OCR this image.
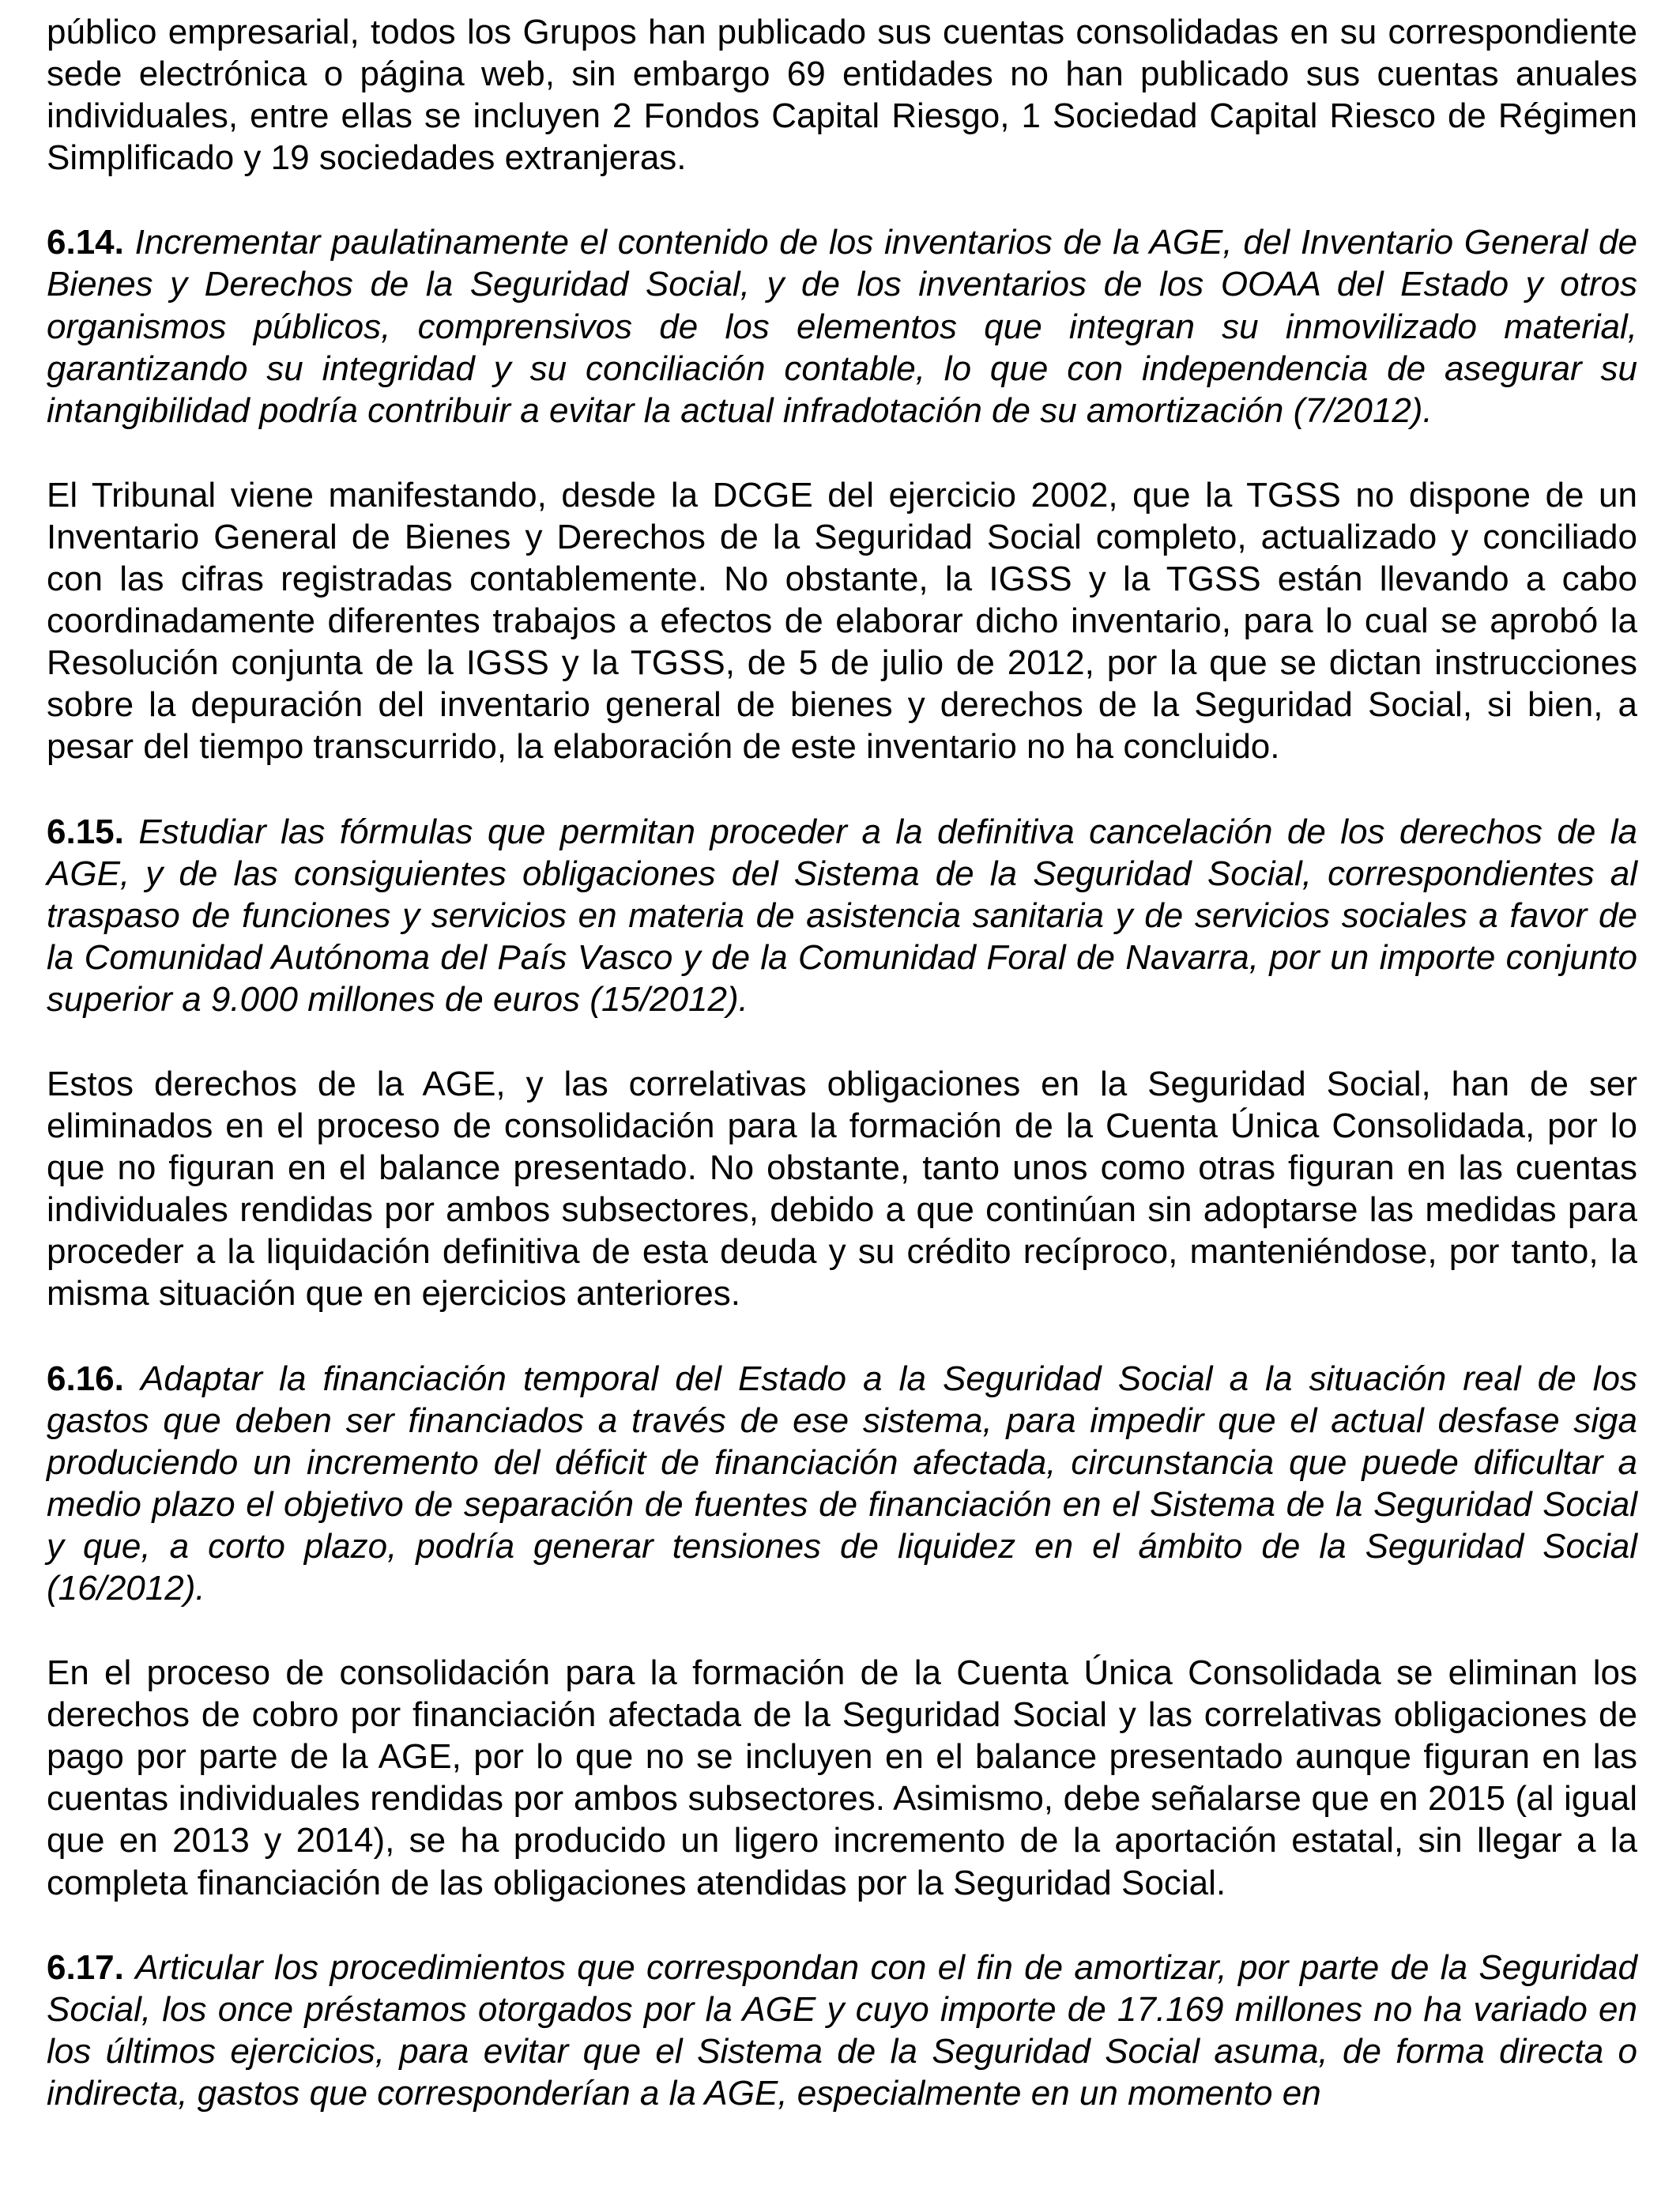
público empresarial, todos los Grupos han publicado sus cuentas consolidadas en su correspondiente sede electrónica o página web, sin embargo 69 entidades no han publicado sus cuentas anuales individuales, entre ellas se incluyen 2 Fondos Capital Riesgo, 1 Sociedad Capital Riesco de Régimen Simplificado y 19 sociedades extranjeras.

6.14. Incrementar paulatinamente el contenido de los inventarios de la AGE, del Inventario General de Bienes y Derechos de la Seguridad Social, y de los inventarios de los OOAA del Estado y otros organismos públicos, comprensivos de los elementos que integran su inmovilizado material, garantizando su integridad y su conciliación contable, lo que con independencia de asegurar su intangibilidad podría contribuir a evitar la actual infradotación de su amortización (7/2012).

El Tribunal viene manifestando, desde la DCGE del ejercicio 2002, que la TGSS no dispone de un Inventario General de Bienes y Derechos de la Seguridad Social completo, actualizado y conciliado con las cifras registradas contablemente. No obstante, la IGSS y la TGSS están llevando a cabo coordinadamente diferentes trabajos a efectos de elaborar dicho inventario, para lo cual se aprobó la Resolución conjunta de la IGSS y la TGSS, de 5 de julio de 2012, por la que se dictan instrucciones sobre la depuración del inventario general de bienes y derechos de la Seguridad Social, si bien, a pesar del tiempo transcurrido, la elaboración de este inventario no ha concluido.

6.15. Estudiar las fórmulas que permitan proceder a la definitiva cancelación de los derechos de la AGE, y de las consiguientes obligaciones del Sistema de la Seguridad Social, correspondientes al traspaso de funciones y servicios en materia de asistencia sanitaria y de servicios sociales a favor de la Comunidad Autónoma del País Vasco y de la Comunidad Foral de Navarra, por un importe conjunto superior a 9.000 millones de euros (15/2012).

Estos derechos de la AGE, y las correlativas obligaciones en la Seguridad Social, han de ser eliminados en el proceso de consolidación para la formación de la Cuenta Única Consolidada, por lo que no figuran en el balance presentado. No obstante, tanto unos como otras figuran en las cuentas individuales rendidas por ambos subsectores, debido a que continúan sin adoptarse las medidas para proceder a la liquidación definitiva de esta deuda y su crédito recíproco, manteniéndose, por tanto, la misma situación que en ejercicios anteriores.

6.16. Adaptar la financiación temporal del Estado a la Seguridad Social a la situación real de los gastos que deben ser financiados a través de ese sistema, para impedir que el actual desfase siga produciendo un incremento del déficit de financiación afectada, circunstancia que puede dificultar a medio plazo el objetivo de separación de fuentes de financiación en el Sistema de la Seguridad Social y que, a corto plazo, podría generar tensiones de liquidez en el ámbito de la Seguridad Social (16/2012).

En el proceso de consolidación para la formación de la Cuenta Única Consolidada se eliminan los derechos de cobro por financiación afectada de la Seguridad Social y las correlativas obligaciones de pago por parte de la AGE, por lo que no se incluyen en el balance presentado aunque figuran en las cuentas individuales rendidas por ambos subsectores. Asimismo, debe señalarse que en 2015 (al igual que en 2013 y 2014), se ha producido un ligero incremento de la aportación estatal, sin llegar a la completa financiación de las obligaciones atendidas por la Seguridad Social.

6.17. Articular los procedimientos que correspondan con el fin de amortizar, por parte de la Seguridad Social, los once préstamos otorgados por la AGE y cuyo importe de 17.169 millones no ha variado en los últimos ejercicios, para evitar que el Sistema de la Seguridad Social asuma, de forma directa o indirecta, gastos que corresponderían a la AGE, especialmente en un momento en
